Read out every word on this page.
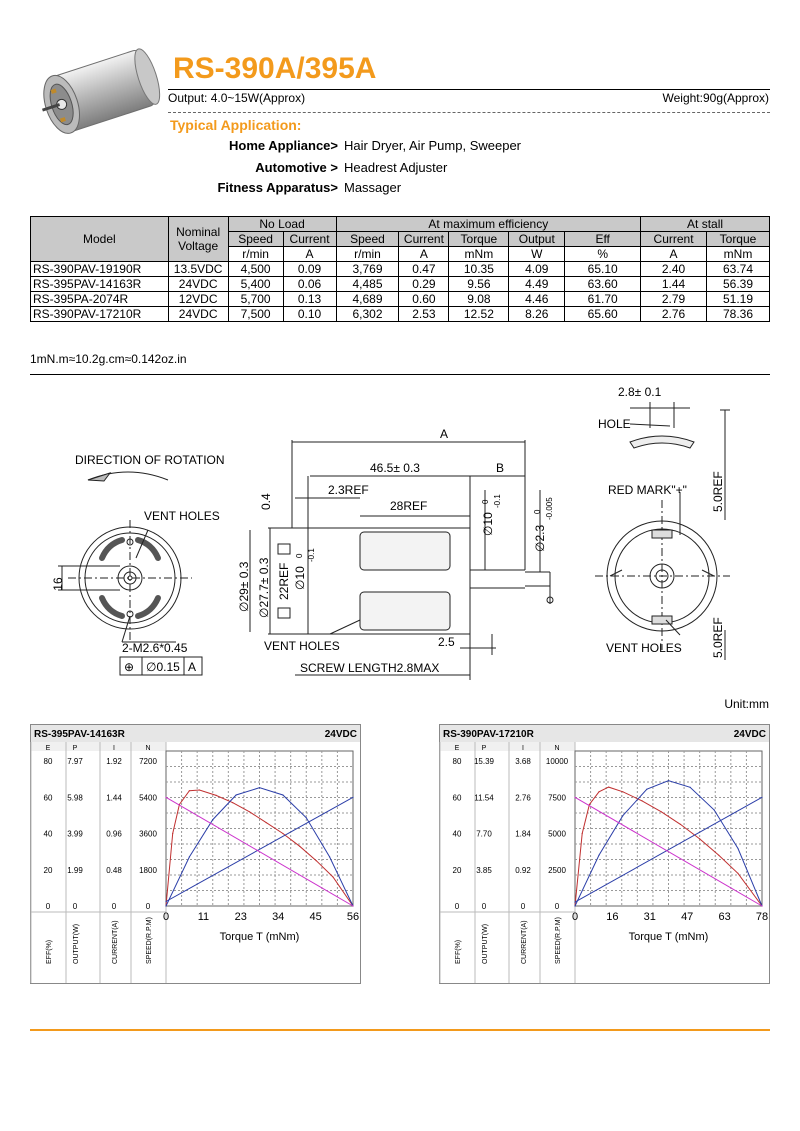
RS-390A/395A
Output: 4.0~15W(Approx)	Weight:90g(Approx)
Typical Application:
Home Appliance> Hair Dryer, Air Pump, Sweeper
Automotive > Headrest Adjuster
Fitness Apparatus> Massager
Model	Nominal Voltage	No Load		At maximum efficiency					At stall	
		Speed	Current	Speed	Current	Torque	Output	Eff	Current	Torque
		r/min	A	r/min	A	mNm	W	%	A	mNm
RS-390PAV-19190R	13.5VDC	4,500	0.09	3,769	0.47	10.35	4.09	65.10	2.40	63.74
RS-395PAV-14163R	24VDC	5,400	0.06	4,485	0.29	9.56	4.49	63.60	1.44	56.39
RS-395PA-2074R	12VDC	5,700	0.13	4,689	0.60	9.08	4.46	61.70	2.79	51.19
RS-390PAV-17210R	24VDC	7,500	0.10	6,302	2.53	12.52	8.26	65.60	2.76	78.36
1mN.m≈10.2g.cm≈0.142oz.in
DIRECTION OF ROTATION
VENT HOLES
16
2-M2.6*0.45
⊕ ∅0.15 A
A
46.5± 0.3	B
2.3REF
28REF
0.4
∅29± 0.3 ∅27.7± 0.3 22REF ∅10
0 -0.1
∅10
0 -0.1
∅2.3
0 -0.005
VENT HOLES	2.5
SCREW LENGTH2.8MAX
2.8± 0.1
HOLE
RED MARK"+" 5.0REF
VENT HOLES 5.0REF
Unit:mm
RS-395PAV-14163R	24VDC
E	P	I	N
80 7.97	1.92 7200
60 5.98	1.44 5400
40 3.99	0.96 3600
20 1.99	0.48 1800
0	0	0	0
EFF(%)	OUTPUT(W)	CURRENT(A)	SPEED(R.P.M)
0	11 23 34 45 56
Torque T (mNm)
RS-390PAV-17210R	24VDC
E	P	I	N
80 15.39	3.68 10000
60 11.54	2.76 7500
40 7.70	1.84 5000
20 3.85	0.92 2500
0	0	0	0
EFF(%)	OUTPUT(W)	CURRENT(A)	SPEED(R.P.M)
0	16 31 47 63 78
Torque T (mNm)
